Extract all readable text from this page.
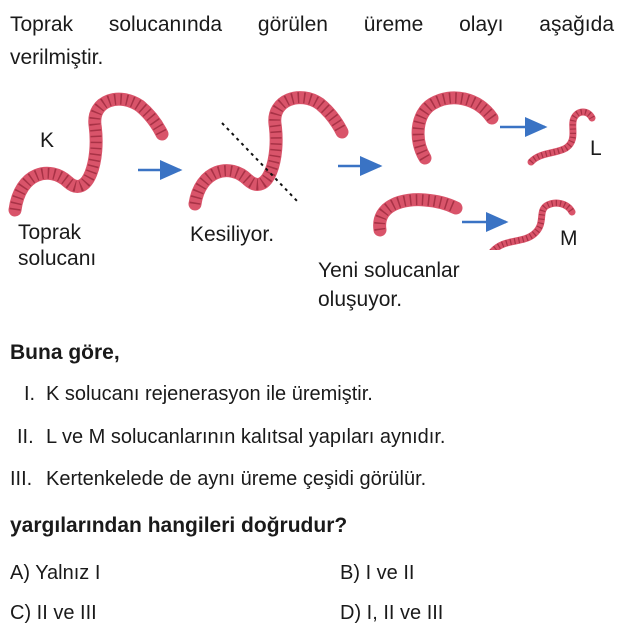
Toprak solucanında görülen üreme olayı aşağıda
verilmiştir.
K	L
M
Toprak
solucanı
Kesiliyor.
Yeni solucanlar
oluşuyor.
Buna göre,
I. K solucanı rejenerasyon ile üremiştir.
II. L ve M solucanlarının kalıtsal yapıları aynıdır.
III. Kertenkelede de aynı üreme çeşidi görülür.
yargılarından hangileri doğrudur?
A) Yalnız I	B) I ve II
C) II ve III	D) I, II ve III
